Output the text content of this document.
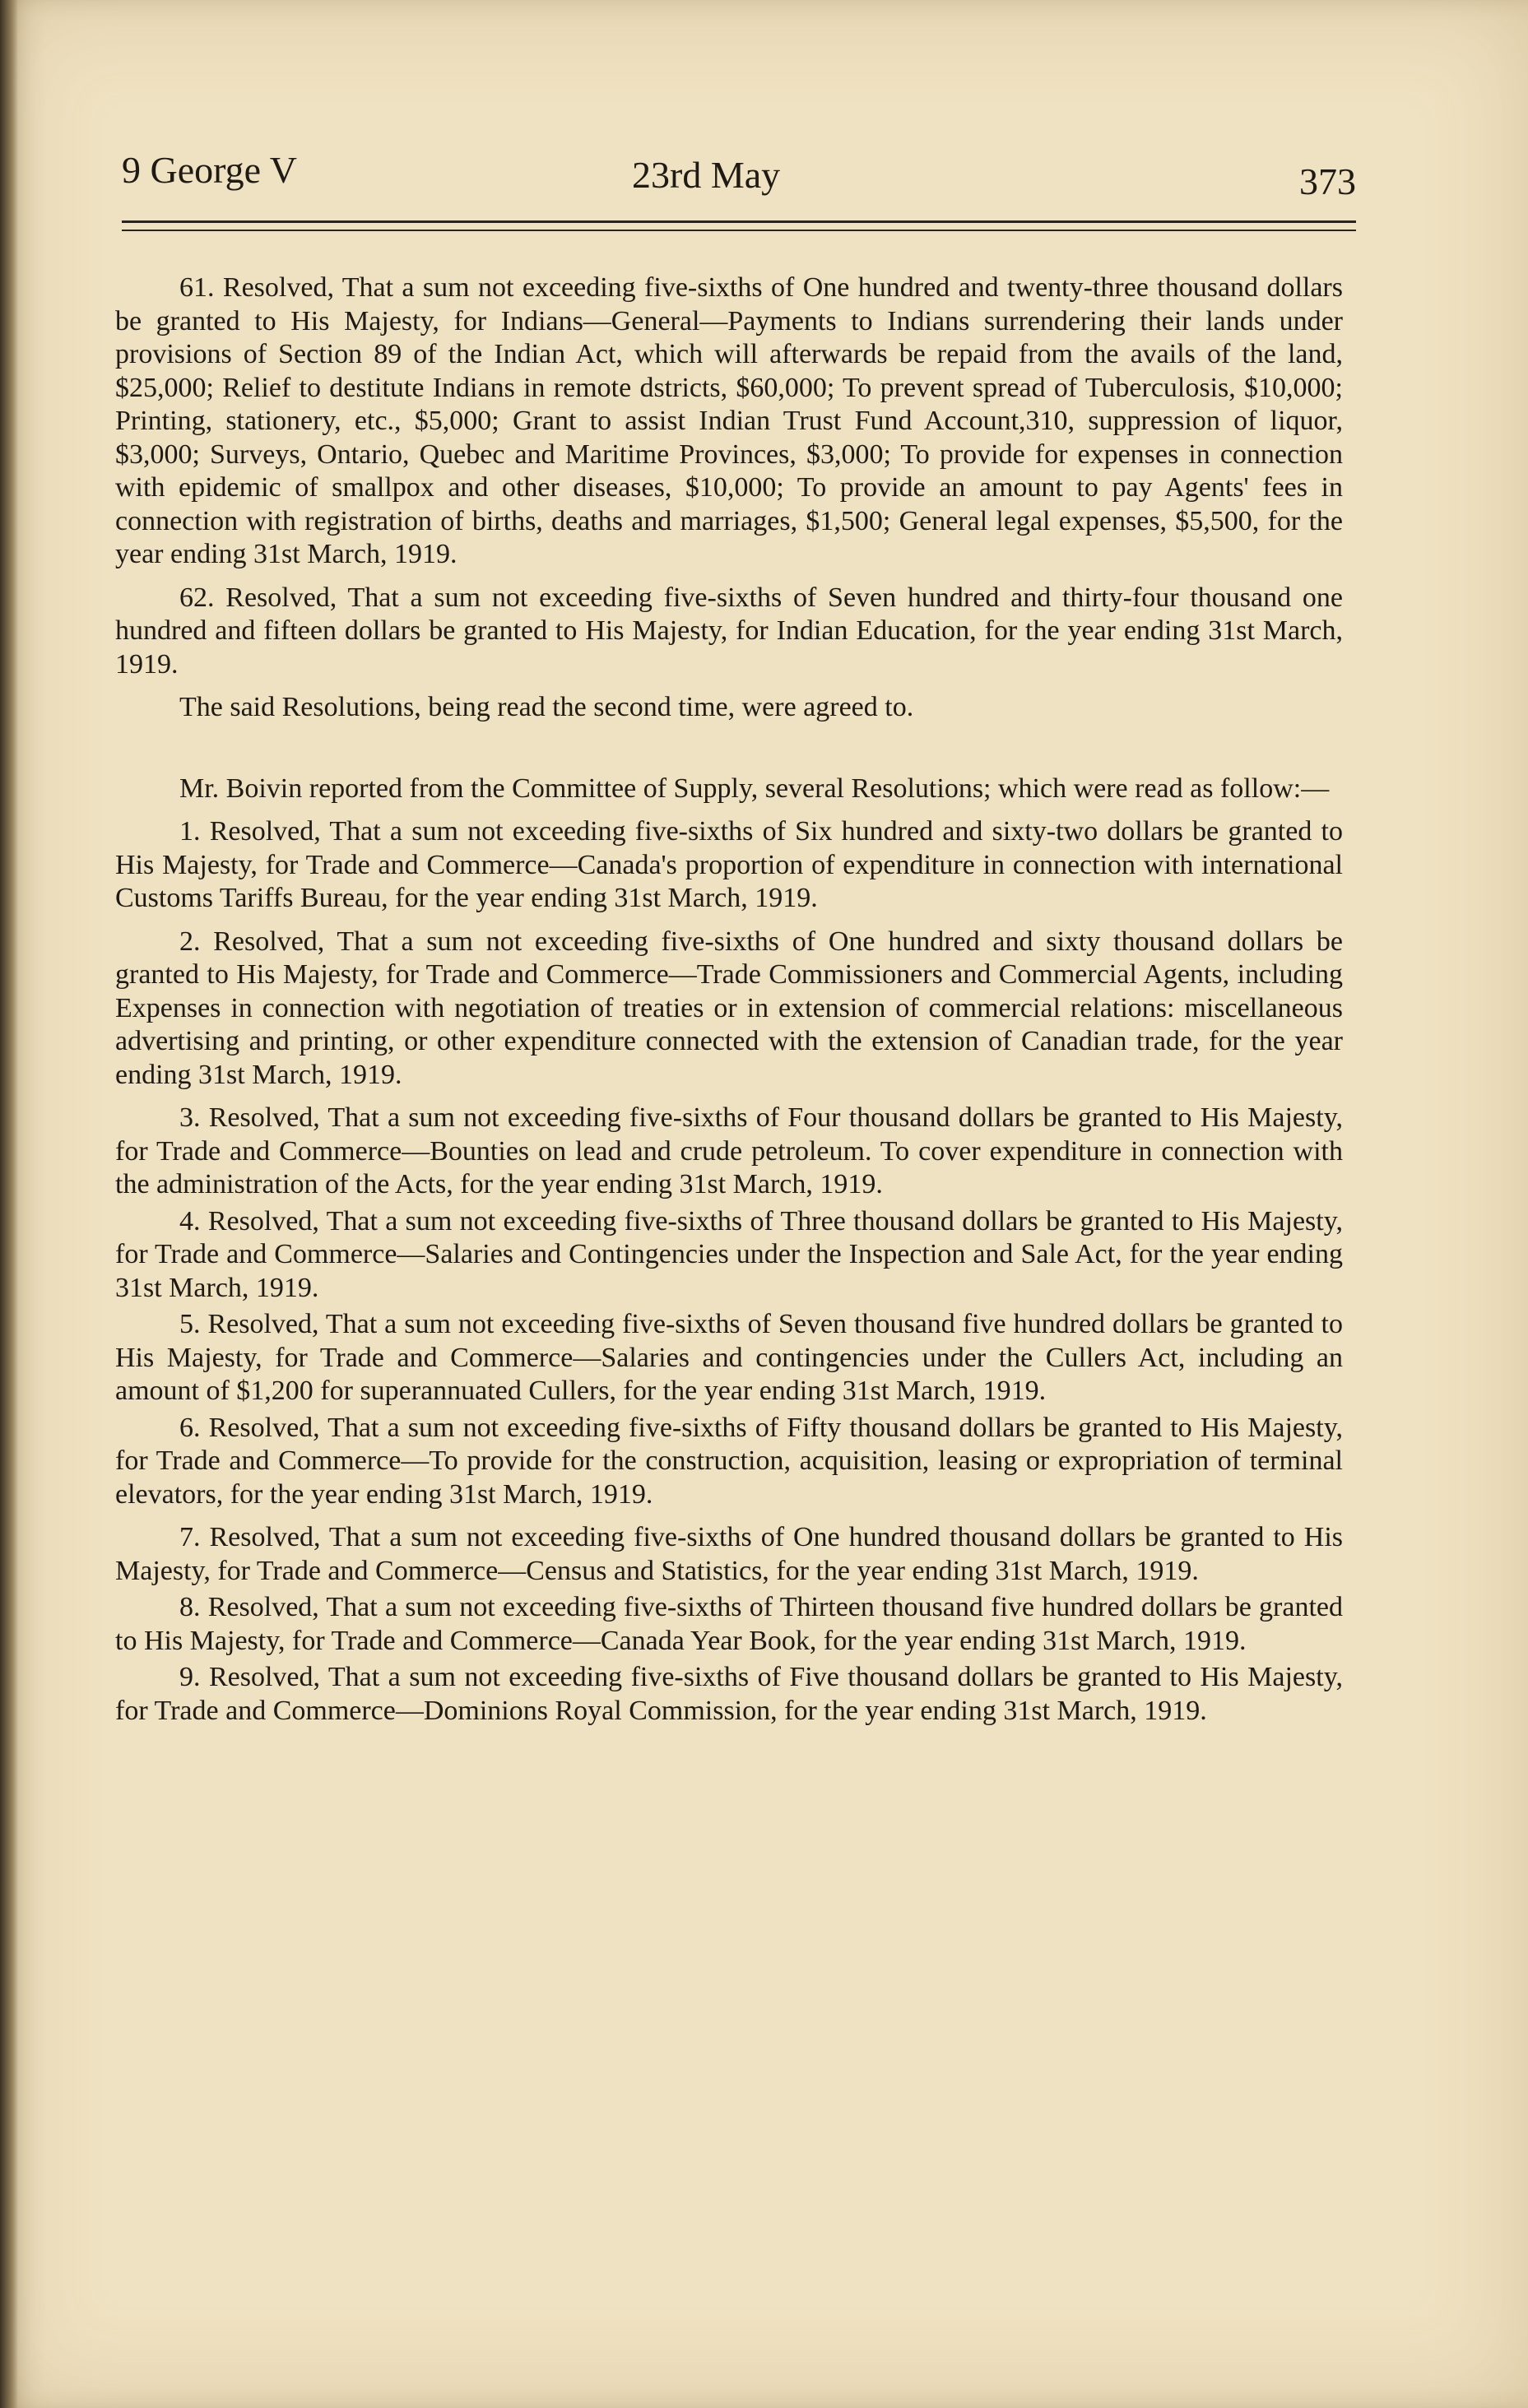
9 George V	23rd May	373

61. Resolved, That a sum not exceeding five-sixths of One hundred and twenty-three thousand dollars be granted to His Majesty, for Indians—General—Payments to Indians surrendering their lands under provisions of Section 89 of the Indian Act, which will afterwards be repaid from the avails of the land, $25,000; Relief to destitute Indians in remote dstricts, $60,000; To prevent spread of Tuberculosis, $10,000; Printing, stationery, etc., $5,000; Grant to assist Indian Trust Fund Account,310, suppression of liquor, $3,000; Surveys, Ontario, Quebec and Maritime Provinces, $3,000; To provide for expenses in connection with epidemic of smallpox and other diseases, $10,000; To provide an amount to pay Agents' fees in connection with registration of births, deaths and marriages, $1,500; General legal expenses, $5,500, for the year ending 31st March, 1919.

62. Resolved, That a sum not exceeding five-sixths of Seven hundred and thirty-four thousand one hundred and fifteen dollars be granted to His Majesty, for Indian Education, for the year ending 31st March, 1919.

The said Resolutions, being read the second time, were agreed to.

Mr. Boivin reported from the Committee of Supply, several Resolutions; which were read as follow:—

1. Resolved, That a sum not exceeding five-sixths of Six hundred and sixty-two dollars be granted to His Majesty, for Trade and Commerce—Canada's proportion of expenditure in connection with international Customs Tariffs Bureau, for the year ending 31st March, 1919.

2. Resolved, That a sum not exceeding five-sixths of One hundred and sixty thousand dollars be granted to His Majesty, for Trade and Commerce—Trade Commissioners and Commercial Agents, including Expenses in connection with negotiation of treaties or in extension of commercial relations: miscellaneous advertising and printing, or other expenditure connected with the extension of Canadian trade, for the year ending 31st March, 1919.

3. Resolved, That a sum not exceeding five-sixths of Four thousand dollars be granted to His Majesty, for Trade and Commerce—Bounties on lead and crude petroleum. To cover expenditure in connection with the administration of the Acts, for the year ending 31st March, 1919.

4. Resolved, That a sum not exceeding five-sixths of Three thousand dollars be granted to His Majesty, for Trade and Commerce—Salaries and Contingencies under the Inspection and Sale Act, for the year ending 31st March, 1919.

5. Resolved, That a sum not exceeding five-sixths of Seven thousand five hundred dollars be granted to His Majesty, for Trade and Commerce—Salaries and contingencies under the Cullers Act, including an amount of $1,200 for superannuated Cullers, for the year ending 31st March, 1919.

6. Resolved, That a sum not exceeding five-sixths of Fifty thousand dollars be granted to His Majesty, for Trade and Commerce—To provide for the construction, acquisition, leasing or expropriation of terminal elevators, for the year ending 31st March, 1919.

7. Resolved, That a sum not exceeding five-sixths of One hundred thousand dollars be granted to His Majesty, for Trade and Commerce—Census and Statistics, for the year ending 31st March, 1919.

8. Resolved, That a sum not exceeding five-sixths of Thirteen thousand five hundred dollars be granted to His Majesty, for Trade and Commerce—Canada Year Book, for the year ending 31st March, 1919.

9. Resolved, That a sum not exceeding five-sixths of Five thousand dollars be granted to His Majesty, for Trade and Commerce—Dominions Royal Commission, for the year ending 31st March, 1919.
